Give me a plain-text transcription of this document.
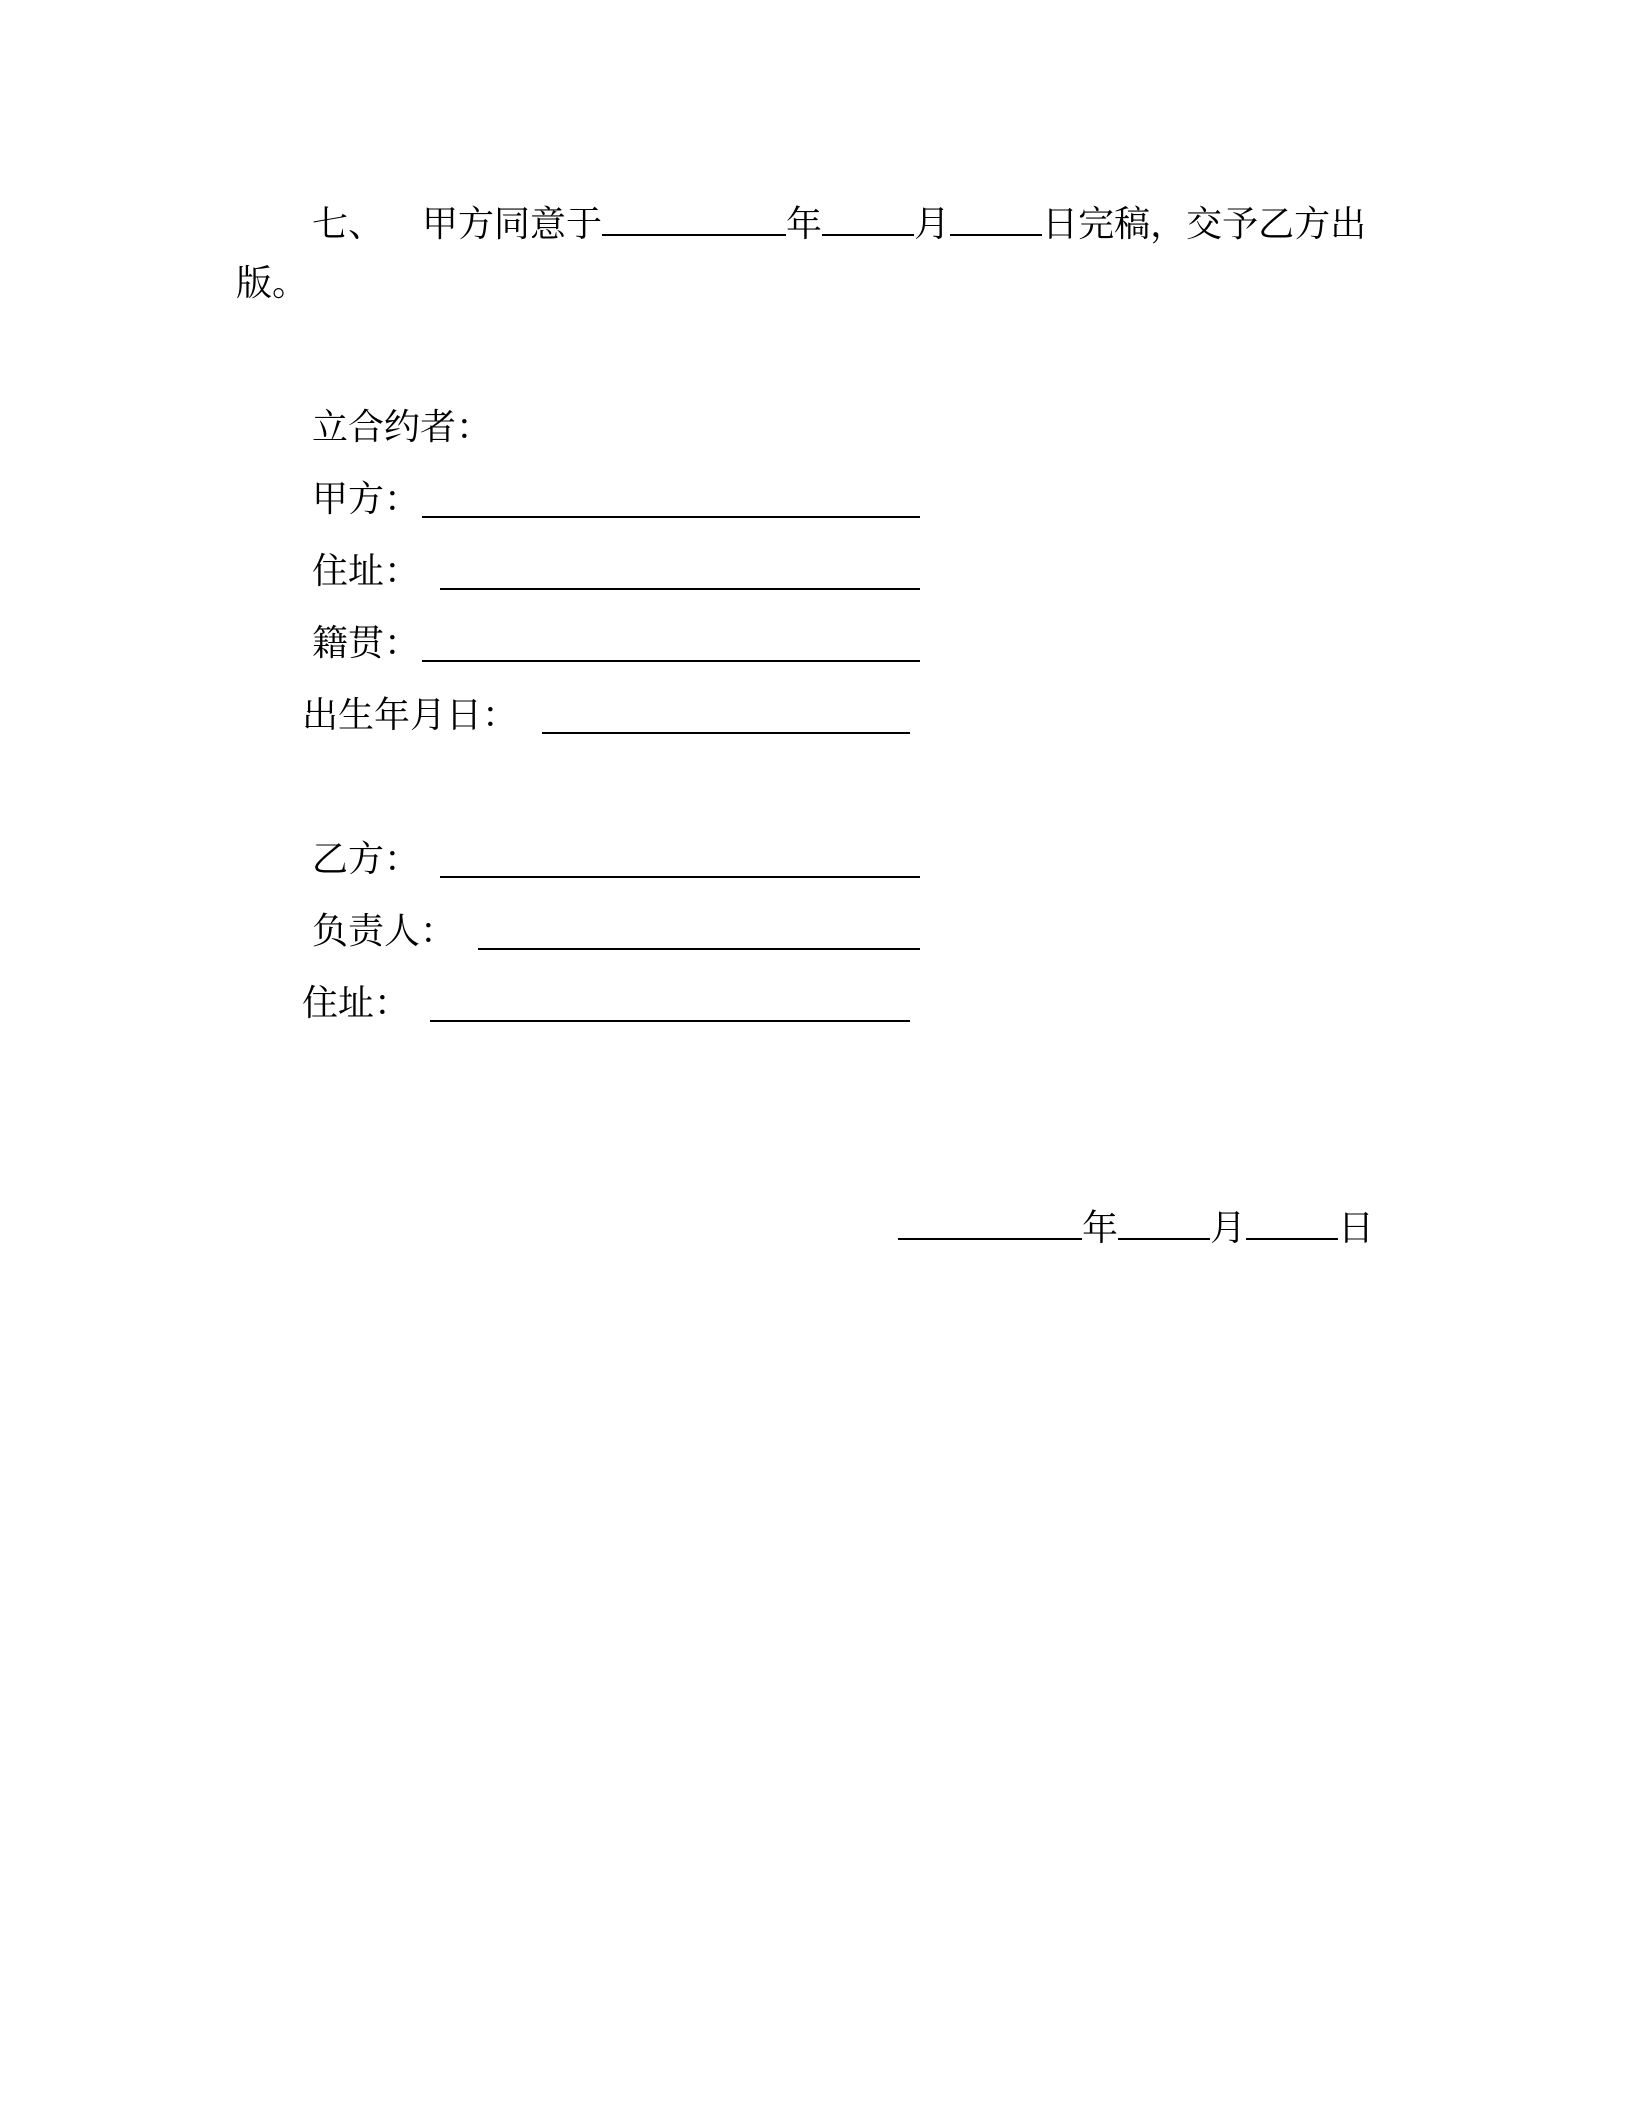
七、 甲方同意于	年	月	日完稿，交予乙方出
版。
立合约者：
甲方：
住址：
籍贯：
出生年月日：
乙方：
负责人：
住址：
年	月	日
